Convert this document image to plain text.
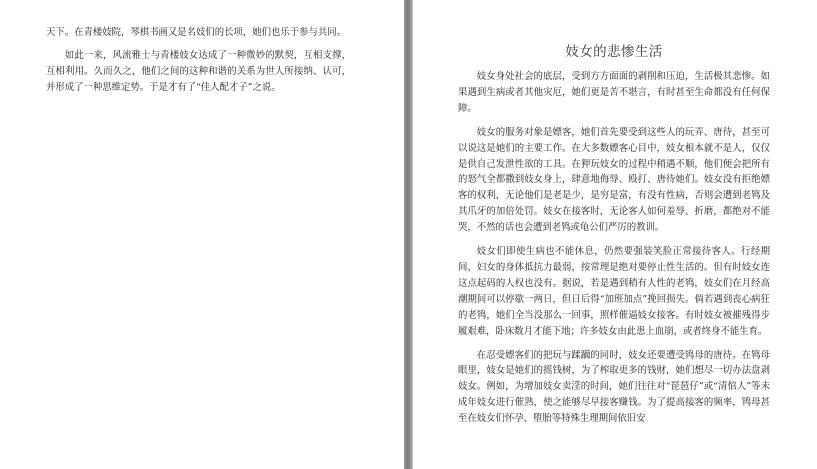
天下。在青楼妓院，琴棋书画又是名妓们的长项，她们也乐于参与共同。

如此一来，风流雅士与青楼妓女达成了一种微妙的默契，互相支撑，互相利用。久而久之，他们之间的这种和谐的关系为世人所接纳、认可，并形成了一种思维定势。于是才有了“佳人配才子”之说。

妓女的悲惨生活

妓女身处社会的底层，受到方方面面的剥削和压迫，生活极其悲惨。如果遇到生病或者其他灾厄，她们更是苦不堪言，有时甚至生命都没有任何保障。

妓女的服务对象是嫖客，她们首先要受到这些人的玩弄、唐待，甚至可以说这是她们的主要工作。在大多数嫖客心目中，妓女根本就不是人，仅仅是供自己发泄性欲的工具。在狎玩妓女的过程中稍遇不顺，他们便会把所有的怒气全都撒到妓女身上，肆意地侮辱、殴打、唐待她们。妓女没有拒绝嫖客的权利，无论他们是老是少，是穷是富，有没有性病，否则会遭到老鸨及其爪牙的加倍处罚。妓女在接客时，无论客人如何羞辱、折磨，都绝对不能哭，不然的话也会遭到老鸨或龟公们严厉的教训。

妓女们即使生病也不能休息，仍然要强装笑脸正常接待客人。行经期间，妇女的身体抵抗力最弱，按常理是绝对要停止性生活的。但有时妓女连这点起码的人权也没有。据说，若是遇到稍有人性的老鸨，妓女们在月经高潮期间可以停歇一两日，但日后得“加班加点”挽回损失。倘若遇到丧心病狂的老鸨，她们全当没那么一回事，照样催逼妓女接客。有时妓女被摧残得步履艰难，卧床数月才能下地；许多妓女由此患上血崩，或者终身不能生育。

在忍受嫖客们的把玩与蹂躏的同时，妓女还要遭受鸨母的唐待。在鸨母眼里，妓女是她们的摇钱树，为了榨取更多的钱财，她们想尽一切办法盘剥妓女。例如，为增加妓女卖淫的时间，她们往往对“琵琶仔”或“清倌人”等未成年妓女进行催熟，使之能够尽早接客赚钱。为了提高接客的频率，鸨母甚至在妓女们怀孕、堕胎等特殊生理期间依旧安
